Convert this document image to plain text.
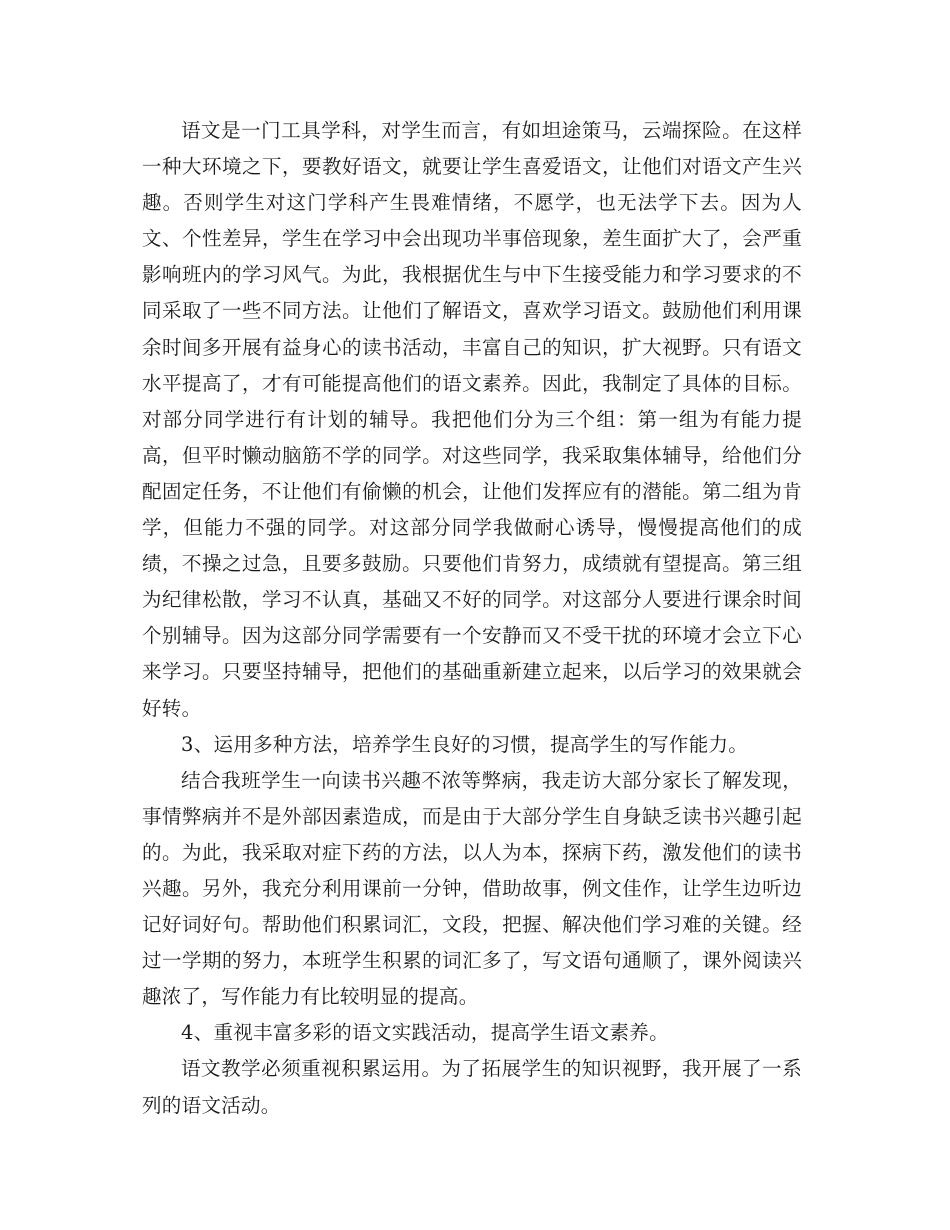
语文是一门工具学科，对学生而言，有如坦途策马，云端探险。在这样一种大环境之下，要教好语文，就要让学生喜爱语文，让他们对语文产生兴趣。否则学生对这门学科产生畏难情绪，不愿学，也无法学下去。因为人文、个性差异，学生在学习中会出现功半事倍现象，差生面扩大了，会严重影响班内的学习风气。为此，我根据优生与中下生接受能力和学习要求的不同采取了一些不同方法。让他们了解语文，喜欢学习语文。鼓励他们利用课余时间多开展有益身心的读书活动，丰富自己的知识，扩大视野。只有语文水平提高了，才有可能提高他们的语文素养。因此，我制定了具体的目标。对部分同学进行有计划的辅导。我把他们分为三个组：第一组为有能力提高，但平时懒动脑筋不学的同学。对这些同学，我采取集体辅导，给他们分配固定任务，不让他们有偷懒的机会，让他们发挥应有的潜能。第二组为肯学，但能力不强的同学。对这部分同学我做耐心诱导，慢慢提高他们的成绩，不操之过急，且要多鼓励。只要他们肯努力，成绩就有望提高。第三组为纪律松散，学习不认真，基础又不好的同学。对这部分人要进行课余时间个别辅导。因为这部分同学需要有一个安静而又不受干扰的环境才会立下心来学习。只要坚持辅导，把他们的基础重新建立起来，以后学习的效果就会好转。

3、运用多种方法，培养学生良好的习惯，提高学生的写作能力。

结合我班学生一向读书兴趣不浓等弊病，我走访大部分家长了解发现，事情弊病并不是外部因素造成，而是由于大部分学生自身缺乏读书兴趣引起的。为此，我采取对症下药的方法，以人为本，探病下药，激发他们的读书兴趣。另外，我充分利用课前一分钟，借助故事，例文佳作，让学生边听边记好词好句。帮助他们积累词汇，文段，把握、解决他们学习难的关键。经过一学期的努力，本班学生积累的词汇多了，写文语句通顺了，课外阅读兴趣浓了，写作能力有比较明显的提高。

4、重视丰富多彩的语文实践活动，提高学生语文素养。

语文教学必须重视积累运用。为了拓展学生的知识视野，我开展了一系列的语文活动。
